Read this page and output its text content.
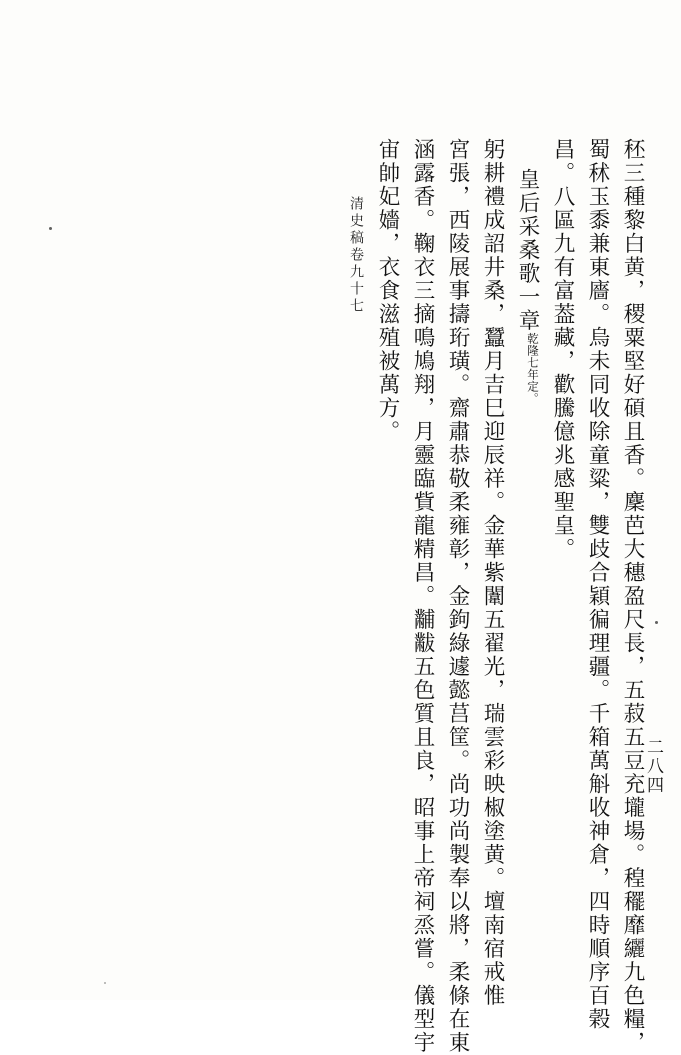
清史稿卷九十七
二八四
秠三種黎白黄，稷粟堅好碩且香。麇芭大穗盈尺長，五菽五豆充壠場。䅣䆉靡纚九色糧，
蜀秫玉黍兼東廧。烏未同收除童粱，雙歧合穎徧理疆。千箱萬斛收神倉，四時順序百榖
昌。八區九有富葢藏，歡騰億兆感聖皇。
皇后采桑歌一章$^{乾隆七年定。}$
躬耕禮成詔井桑，蠶月吉巳迎辰祥。金華紫闈五翟光，瑞雲彩映椒塗黄。壇南宿戒惟
宮張，西陵展事擣珩璜。齋肅恭敬柔雍彰，金鉤綠遽懿莒筐。尚功尚製奉以將，柔條在東
涵露香。鞠衣三摘鳴鳩翔，月靈臨貲龍精昌。黼黻五色質且良，昭事上帝祠烝嘗。儀型宇
宙帥妃嬙，衣食滋殖被萬方。
